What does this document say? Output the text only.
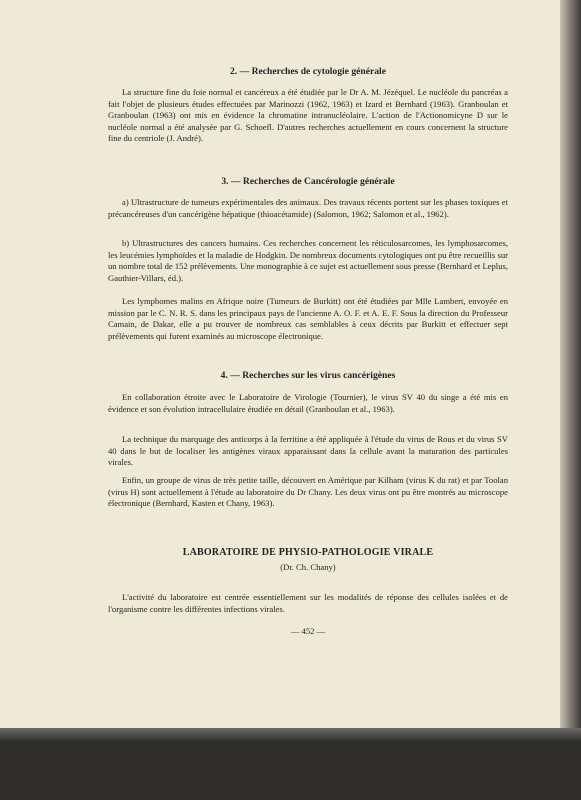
2. — Recherches de cytologie générale

La structure fine du foie normal et cancéreux a été étudiée par le Dr A. M. Jézéquel. Le nucléole du pancréas a fait l'objet de plusieurs études effectuées par Marinozzi (1962, 1963) et Izard et Bernhard (1963). Granboulan et Granboulan (1963) ont mis en évidence la chromatine intranucléolaire. L'action de l'Actionomicyne D sur le nucléole normal a été analysée par G. Schoefl. D'autres recherches actuellement en cours concernent la structure fine du centriole (J. André).

3. — Recherches de Cancérologie générale

a) Ultrastructure de tumeurs expérimentales des animaux. Des travaux récents portent sur les phases toxiques et précancéreuses d'un cancérigène hépatique (thioacétamide) (Salomon, 1962; Salomon et al., 1962).

b) Ultrastructures des cancers humains. Ces recherches concernent les réticulosarcomes, les lymphosarcomes, les leucémies lymphoïdes et la maladie de Hodgkin. De nombreux documents cytologiques ont pu être recueillis sur un nombre total de 152 prélèvements. Une monographie à ce sujet est actuellement sous presse (Bernhard et Leplus, Gauthier-Villars, éd.).

Les lymphomes malins en Afrique noire (Tumeurs de Burkitt) ont été étudiées par Mlle Lambert, envoyée en mission par le C. N. R. S. dans les principaux pays de l'ancienne A. O. F. et A. E. F. Sous la direction du Professeur Camain, de Dakar, elle a pu trouver de nombreux cas semblables à ceux décrits par Burkitt et effectuer sept prélèvements qui furent examinés au microscope électronique.

4. — Recherches sur les virus cancérigènes

En collaboration étroite avec le Laboratoire de Virologie (Tournier), le virus SV 40 du singe a été mis en évidence et son évolution intracellulaire étudiée en détail (Granboulan et al., 1963).

La technique du marquage des anticorps à la ferritine a été appliquée à l'étude du virus de Rous et du virus SV 40 dans le but de localiser les antigènes viraux apparaissant dans la cellule avant la maturation des particules virales.

Enfin, un groupe de virus de très petite taille, découvert en Amérique par Kilham (virus K du rat) et par Toolan (virus H) sont actuellement à l'étude au laboratoire du Dr Chany. Les deux virus ont pu être montrés au microscope électronique (Bernhard, Kasten et Chany, 1963).

LABORATOIRE DE PHYSIO-PATHOLOGIE VIRALE
(Dr. Ch. Chany)

L'activité du laboratoire est centrée essentiellement sur les modalités de réponse des cellules isolées et de l'organisme contre les différentes infections virales.

— 452 —
